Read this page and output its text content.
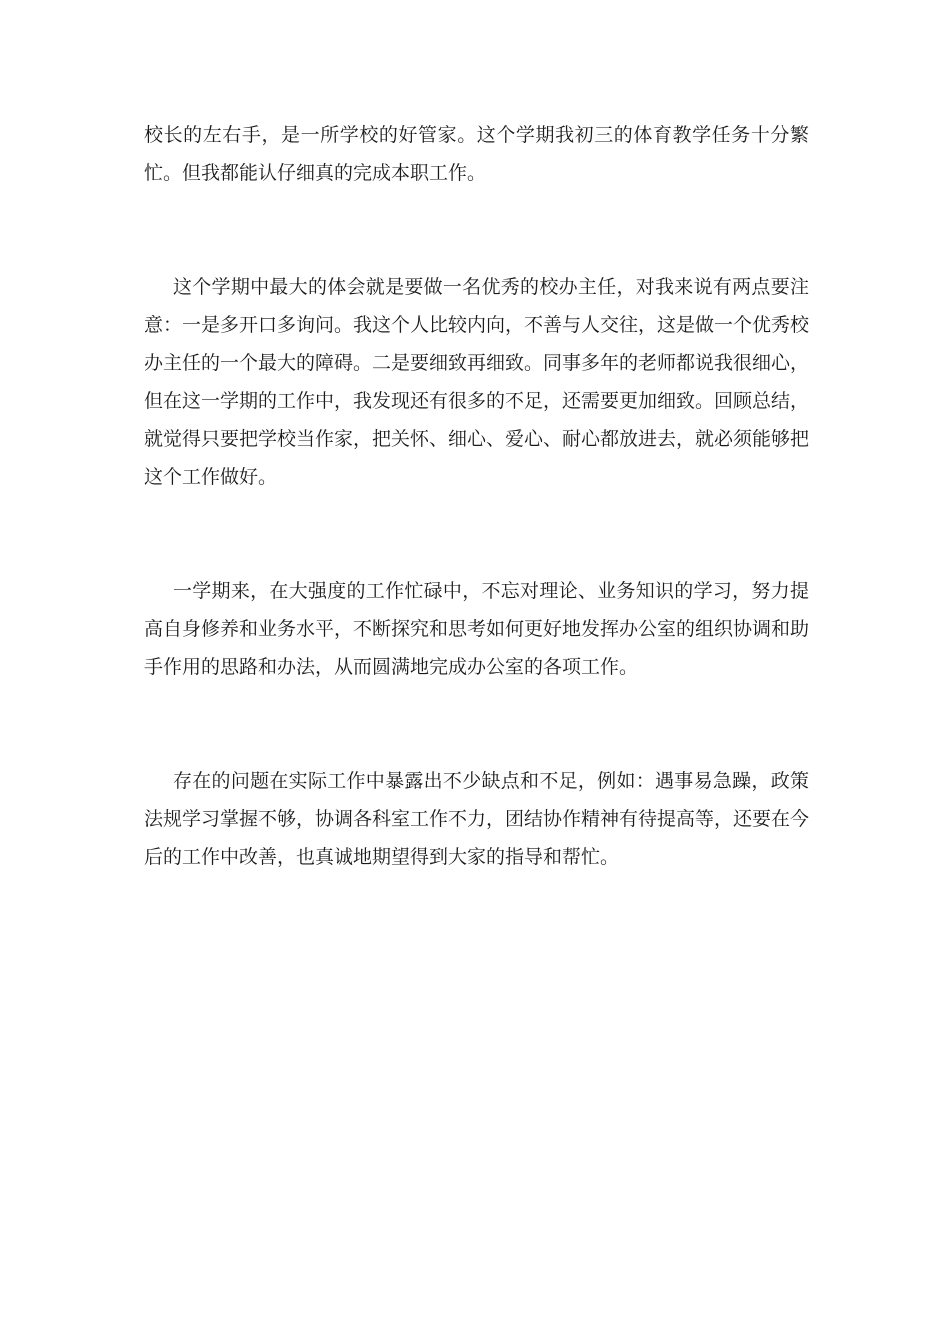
校长的左右手，是一所学校的好管家。这个学期我初三的体育教学任务十分繁忙。但我都能认仔细真的完成本职工作。

这个学期中最大的体会就是要做一名优秀的校办主任，对我来说有两点要注意：一是多开口多询问。我这个人比较内向，不善与人交往，这是做一个优秀校办主任的一个最大的障碍。二是要细致再细致。同事多年的老师都说我很细心，但在这一学期的工作中，我发现还有很多的不足，还需要更加细致。回顾总结，就觉得只要把学校当作家，把关怀、细心、爱心、耐心都放进去，就必须能够把这个工作做好。

一学期来，在大强度的工作忙碌中，不忘对理论、业务知识的学习，努力提高自身修养和业务水平，不断探究和思考如何更好地发挥办公室的组织协调和助手作用的思路和办法，从而圆满地完成办公室的各项工作。

存在的问题在实际工作中暴露出不少缺点和不足，例如：遇事易急躁，政策法规学习掌握不够，协调各科室工作不力，团结协作精神有待提高等，还要在今后的工作中改善，也真诚地期望得到大家的指导和帮忙。
